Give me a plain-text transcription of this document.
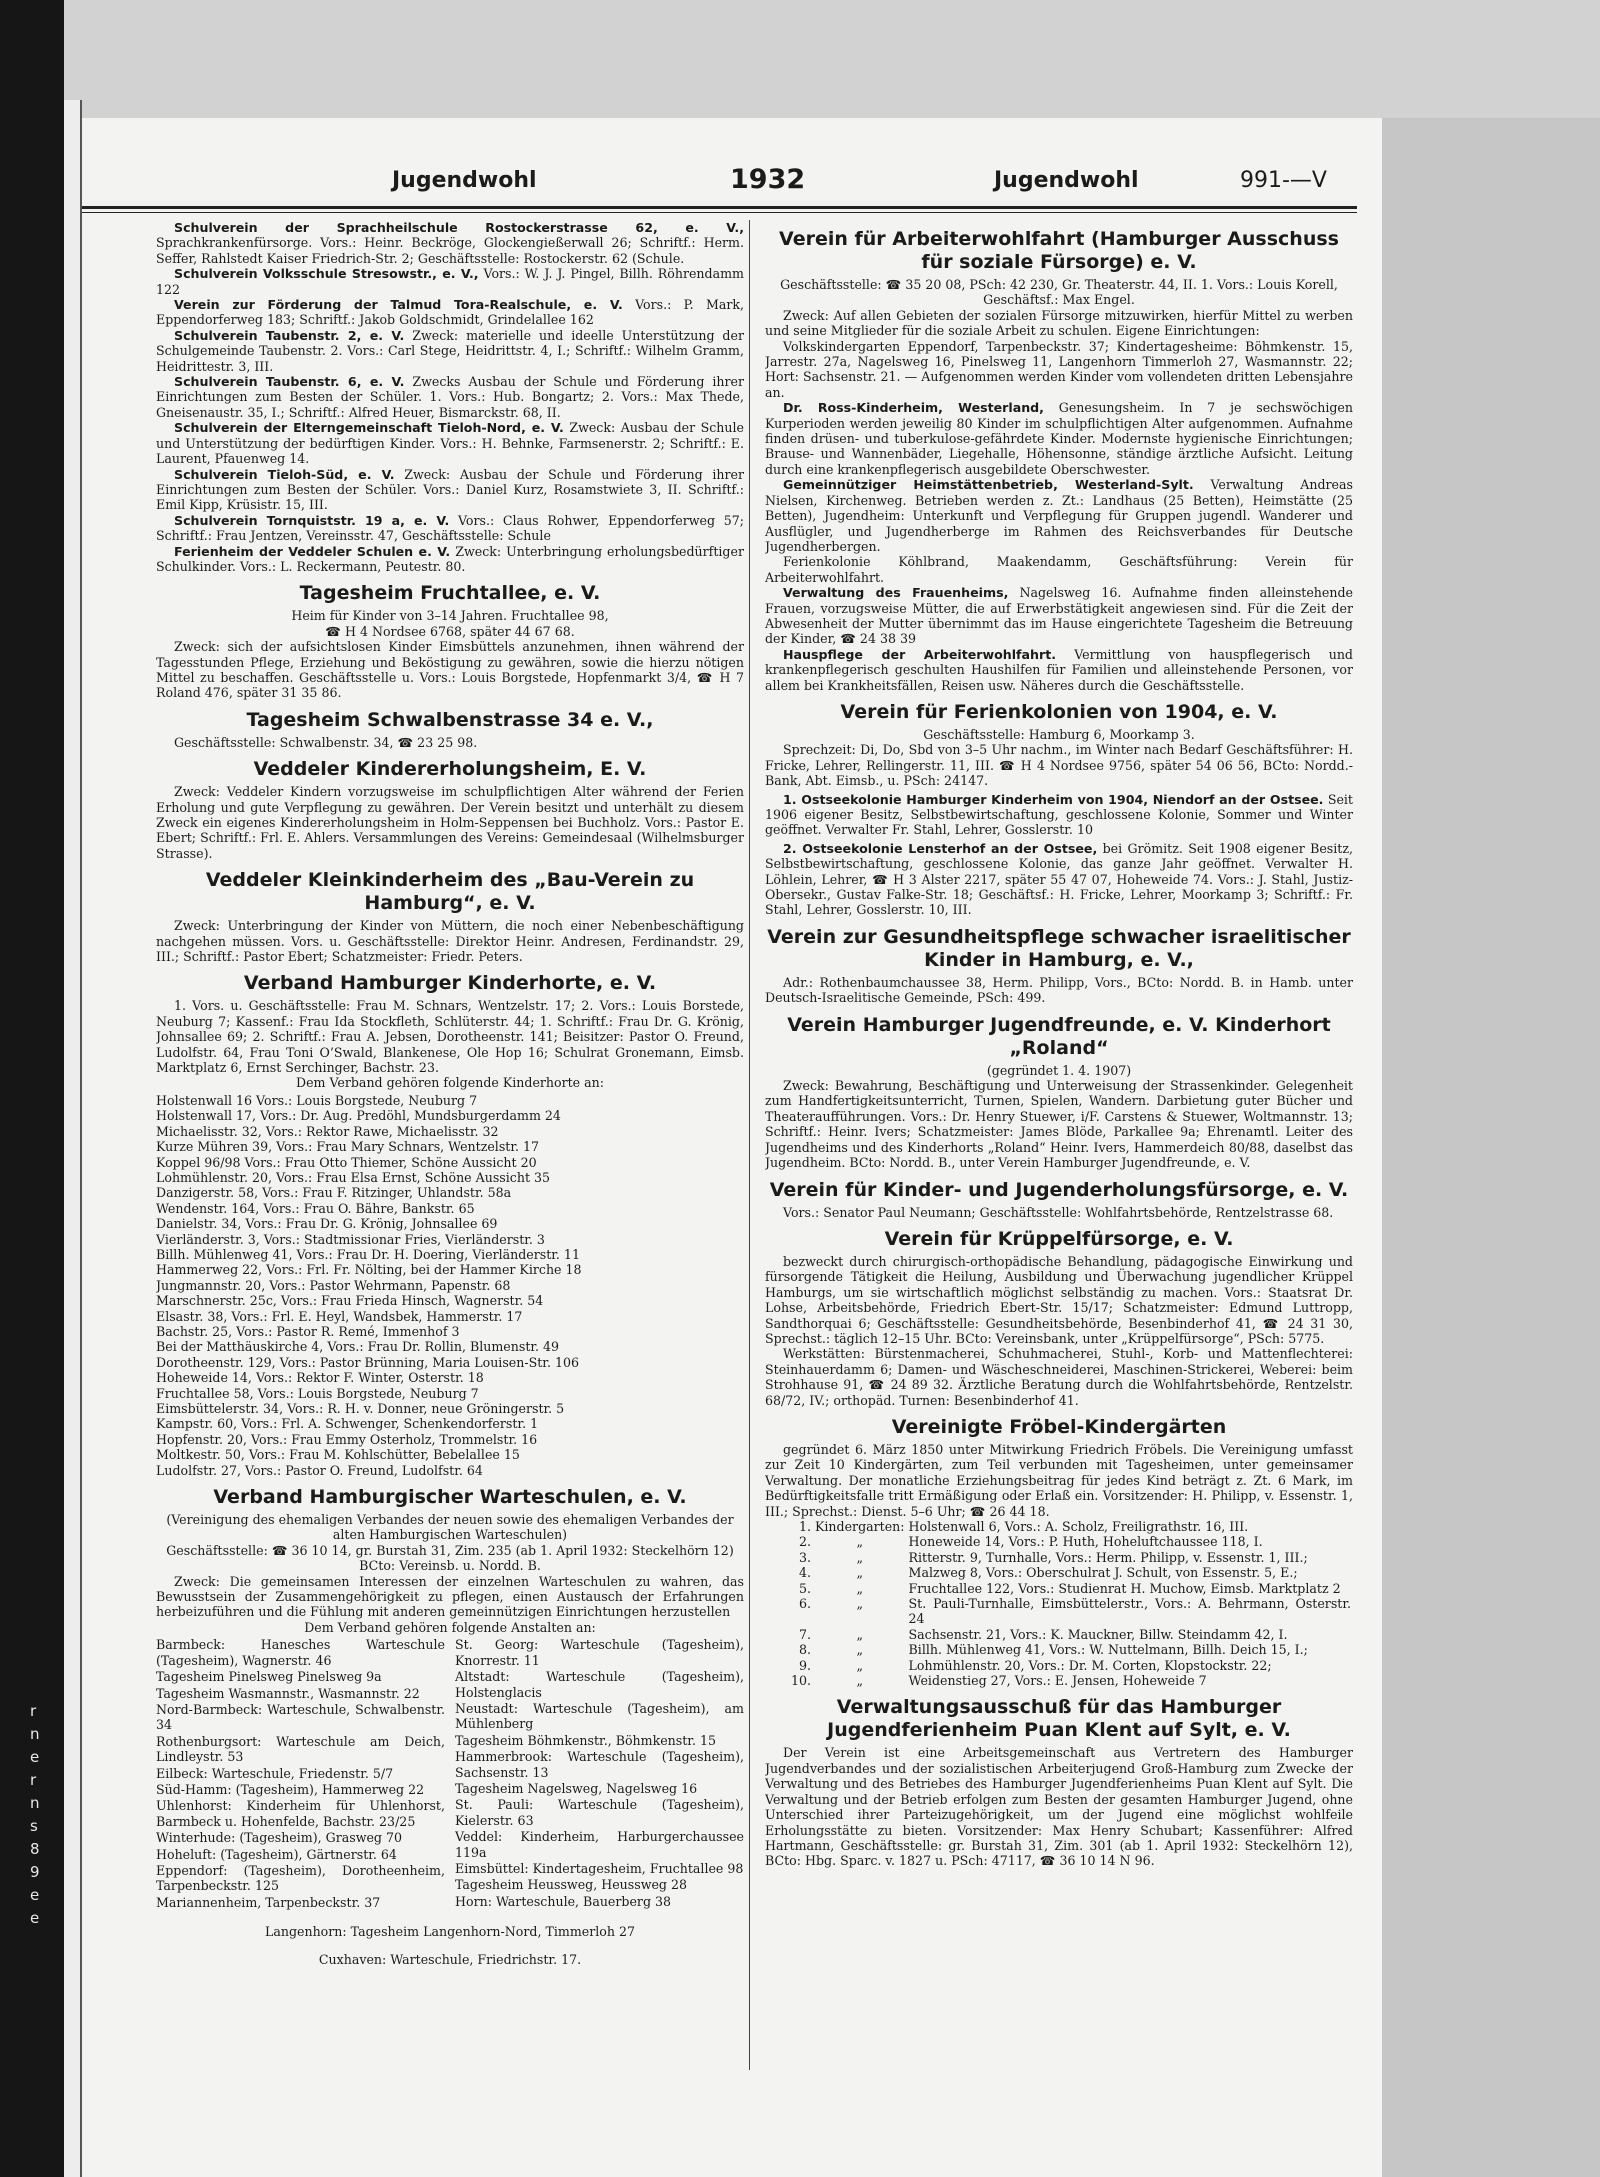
r
n
e
r
n
s
8
9
e
e
Jugendwohl	1932	Jugendwohl	991-—V

Schulverein der Sprachheilschule Rostockerstrasse 62, e. V., Sprachkrankenfürsorge. Vors.: Heinr. Beckröge, Glockengießerwall 26; Schriftf.: Herm. Seffer, Rahlstedt Kaiser Friedrich-Str. 2; Geschäftsstelle: Rostockerstr. 62 (Schule.

Schulverein Volksschule Stresowstr., e. V., Vors.: W. J. J. Pingel, Billh. Röhrendamm 122

Verein zur Förderung der Talmud Tora-Realschule, e. V. Vors.: P. Mark, Eppendorferweg 183; Schriftf.: Jakob Goldschmidt, Grindelallee 162

Schulverein Taubenstr. 2, e. V. Zweck: materielle und ideelle Unterstützung der Schulgemeinde Taubenstr. 2. Vors.: Carl Stege, Heidrittstr. 4, I.; Schriftf.: Wilhelm Gramm, Heidrittestr. 3, III.

Schulverein Taubenstr. 6, e. V. Zwecks Ausbau der Schule und Förderung ihrer Einrichtungen zum Besten der Schüler. 1. Vors.: Hub. Bongartz; 2. Vors.: Max Thede, Gneisenaustr. 35, I.; Schriftf.: Alfred Heuer, Bismarckstr. 68, II.

Schulverein der Elterngemeinschaft Tieloh-Nord, e. V. Zweck: Ausbau der Schule und Unterstützung der bedürftigen Kinder. Vors.: H. Behnke, Farmsenerstr. 2; Schriftf.: E. Laurent, Pfauenweg 14.

Schulverein Tieloh-Süd, e. V. Zweck: Ausbau der Schule und Förderung ihrer Einrichtungen zum Besten der Schüler. Vors.: Daniel Kurz, Rosamstwiete 3, II. Schriftf.: Emil Kipp, Krüsistr. 15, III.

Schulverein Tornquiststr. 19 a, e. V. Vors.: Claus Rohwer, Eppendorferweg 57; Schriftf.: Frau Jentzen, Vereinsstr. 47, Geschäftsstelle: Schule

Ferienheim der Veddeler Schulen e. V. Zweck: Unterbringung erholungsbedürftiger Schulkinder. Vors.: L. Reckermann, Peutestr. 80.

Tagesheim Fruchtallee, e. V.

Heim für Kinder von 3–14 Jahren. Fruchtallee 98,

☎ H 4 Nordsee 6768, später 44 67 68.

Zweck: sich der aufsichtslosen Kinder Eimsbüttels anzunehmen, ihnen während der Tagesstunden Pflege, Erziehung und Beköstigung zu gewähren, sowie die hierzu nötigen Mittel zu beschaffen. Geschäftsstelle u. Vors.: Louis Borgstede, Hopfenmarkt 3/4, ☎ H 7 Roland 476, später 31 35 86.

Tagesheim Schwalbenstrasse 34 e. V.,

Geschäftsstelle: Schwalbenstr. 34, ☎ 23 25 98.

Veddeler Kindererholungsheim, E. V.

Zweck: Veddeler Kindern vorzugsweise im schulpflichtigen Alter während der Ferien Erholung und gute Verpflegung zu gewähren. Der Verein besitzt und unterhält zu diesem Zweck ein eigenes Kindererholungsheim in Holm-Seppensen bei Buchholz. Vors.: Pastor E. Ebert; Schriftf.: Frl. E. Ahlers. Versammlungen des Vereins: Gemeindesaal (Wilhelmsburger Strasse).

Veddeler Kleinkinderheim des „Bau-Verein zu Hamburg“, e. V.

Zweck: Unterbringung der Kinder von Müttern, die noch einer Nebenbeschäftigung nachgehen müssen. Vors. u. Geschäftsstelle: Direktor Heinr. Andresen, Ferdinandstr. 29, III.; Schriftf.: Pastor Ebert; Schatzmeister: Friedr. Peters.

Verband Hamburger Kinderhorte, e. V.

1. Vors. u. Geschäftsstelle: Frau M. Schnars, Wentzelstr. 17; 2. Vors.: Louis Borstede, Neuburg 7; Kassenf.: Frau Ida Stockfleth, Schlüterstr. 44; 1. Schriftf.: Frau Dr. G. Krönig, Johnsallee 69; 2. Schriftf.: Frau A. Jebsen, Dorotheenstr. 141; Beisitzer: Pastor O. Freund, Ludolfstr. 64, Frau Toni O’Swald, Blankenese, Ole Hop 16; Schulrat Gronemann, Eimsb. Marktplatz 6, Ernst Serchinger, Bachstr. 23.

Dem Verband gehören folgende Kinderhorte an:

Holstenwall 16 Vors.: Louis Borgstede, Neuburg 7
Holstenwall 17, Vors.: Dr. Aug. Predöhl, Mundsburgerdamm 24
Michaelisstr. 32, Vors.: Rektor Rawe, Michaelisstr. 32
Kurze Mühren 39, Vors.: Frau Mary Schnars, Wentzelstr. 17
Koppel 96/98 Vors.: Frau Otto Thiemer, Schöne Aussicht 20
Lohmühlenstr. 20, Vors.: Frau Elsa Ernst, Schöne Aussicht 35
Danzigerstr. 58, Vors.: Frau F. Ritzinger, Uhlandstr. 58a
Wendenstr. 164, Vors.: Frau O. Bähre, Bankstr. 65
Danielstr. 34, Vors.: Frau Dr. G. Krönig, Johnsallee 69
Vierländerstr. 3, Vors.: Stadtmissionar Fries, Vierländerstr. 3
Billh. Mühlenweg 41, Vors.: Frau Dr. H. Doering, Vierländerstr. 11
Hammerweg 22, Vors.: Frl. Fr. Nölting, bei der Hammer Kirche 18
Jungmannstr. 20, Vors.: Pastor Wehrmann, Papenstr. 68
Marschnerstr. 25c, Vors.: Frau Frieda Hinsch, Wagnerstr. 54
Elsastr. 38, Vors.: Frl. E. Heyl, Wandsbek, Hammerstr. 17
Bachstr. 25, Vors.: Pastor R. Remé, Immenhof 3
Bei der Matthäuskirche 4, Vors.: Frau Dr. Rollin, Blumenstr. 49
Dorotheenstr. 129, Vors.: Pastor Brünning, Maria Louisen-Str. 106
Hoheweide 14, Vors.: Rektor F. Winter, Osterstr. 18
Fruchtallee 58, Vors.: Louis Borgstede, Neuburg 7
Eimsbüttelerstr. 34, Vors.: R. H. v. Donner, neue Gröningerstr. 5
Kampstr. 60, Vors.: Frl. A. Schwenger, Schenkendorferstr. 1
Hopfenstr. 20, Vors.: Frau Emmy Osterholz, Trommelstr. 16
Moltkestr. 50, Vors.: Frau M. Kohlschütter, Bebelallee 15
Ludolfstr. 27, Vors.: Pastor O. Freund, Ludolfstr. 64
Verband Hamburgischer Warteschulen, e. V.

(Vereinigung des ehemaligen Verbandes der neuen sowie des ehemaligen Verbandes der alten Hamburgischen Warteschulen)

Geschäftsstelle: ☎ 36 10 14, gr. Burstah 31, Zim. 235 (ab 1. April 1932: Steckelhörn 12) BCto: Vereinsb. u. Nordd. B.

Zweck: Die gemeinsamen Interessen der einzelnen Warteschulen zu wahren, das Bewusstsein der Zusammengehörigkeit zu pflegen, einen Austausch der Erfahrungen herbeizuführen und die Fühlung mit anderen gemeinnützigen Einrichtungen herzustellen

Dem Verband gehören folgende Anstalten an:

Barmbeck: Hanesches Warteschule (Tagesheim), Wagnerstr. 46

Tagesheim Pinelsweg Pinelsweg 9a

Tagesheim Wasmannstr., Wasmannstr. 22

Nord-Barmbeck: Warteschule, Schwalbenstr. 34

Rothenburgsort: Warteschule am Deich, Lindleystr. 53

Eilbeck: Warteschule, Friedenstr. 5/7

Süd-Hamm: (Tagesheim), Hammerweg 22

Uhlenhorst: Kinderheim für Uhlenhorst, Barmbeck u. Hohenfelde, Bachstr. 23/25

Winterhude: (Tagesheim), Grasweg 70

Hoheluft: (Tagesheim), Gärtnerstr. 64

Eppendorf: (Tagesheim), Dorotheenheim, Tarpenbeckstr. 125

Mariannenheim, Tarpenbeckstr. 37

St. Georg: Warteschule (Tagesheim), Knorrestr. 11

Altstadt: Warteschule (Tagesheim), Holstenglacis

Neustadt: Warteschule (Tagesheim), am Mühlenberg

Tagesheim Böhmkenstr., Böhmkenstr. 15

Hammerbrook: Warteschule (Tagesheim), Sachsenstr. 13

Tagesheim Nagelsweg, Nagelsweg 16

St. Pauli: Warteschule (Tagesheim), Kielerstr. 63

Veddel: Kinderheim, Harburgerchaussee 119a

Eimsbüttel: Kindertagesheim, Fruchtallee 98

Tagesheim Heussweg, Heussweg 28

Horn: Warteschule, Bauerberg 38

Langenhorn: Tagesheim Langenhorn-Nord, Timmerloh 27

Cuxhaven: Warteschule, Friedrichstr. 17.

Verein für Arbeiterwohlfahrt (Hamburger Ausschuss für soziale Fürsorge) e. V.

Geschäftsstelle: ☎ 35 20 08, PSch: 42 230, Gr. Theaterstr. 44, II. 1. Vors.: Louis Korell, Geschäftsf.: Max Engel.

Zweck: Auf allen Gebieten der sozialen Fürsorge mitzuwirken, hierfür Mittel zu werben und seine Mitglieder für die soziale Arbeit zu schulen. Eigene Einrichtungen:

Volkskindergarten Eppendorf, Tarpenbeckstr. 37; Kindertagesheime: Böhmkenstr. 15, Jarrestr. 27a, Nagelsweg 16, Pinelsweg 11, Langenhorn Timmerloh 27, Wasmannstr. 22; Hort: Sachsenstr. 21. — Aufgenommen werden Kinder vom vollendeten dritten Lebensjahre an.

Dr. Ross-Kinderheim, Westerland, Genesungsheim. In 7 je sechswöchigen Kurperioden werden jeweilig 80 Kinder im schulpflichtigen Alter aufgenommen. Aufnahme finden drüsen- und tuberkulose-gefährdete Kinder. Modernste hygienische Einrichtungen; Brause- und Wannenbäder, Liegehalle, Höhensonne, ständige ärztliche Aufsicht. Leitung durch eine krankenpflegerisch ausgebildete Oberschwester.

Gemeinnütziger Heimstättenbetrieb, Westerland-Sylt. Verwaltung Andreas Nielsen, Kirchenweg. Betrieben werden z. Zt.: Landhaus (25 Betten), Heimstätte (25 Betten), Jugendheim: Unterkunft und Verpflegung für Gruppen jugendl. Wanderer und Ausflügler, und Jugendherberge im Rahmen des Reichsverbandes für Deutsche Jugendherbergen.

Ferienkolonie Köhlbrand, Maakendamm, Geschäftsführung: Verein für Arbeiterwohlfahrt.

Verwaltung des Frauenheims, Nagelsweg 16. Aufnahme finden alleinstehende Frauen, vorzugsweise Mütter, die auf Erwerbstätigkeit angewiesen sind. Für die Zeit der Abwesenheit der Mutter übernimmt das im Hause eingerichtete Tagesheim die Betreuung der Kinder, ☎ 24 38 39

Hauspflege der Arbeiterwohlfahrt. Vermittlung von hauspflegerisch und krankenpflegerisch geschulten Haushilfen für Familien und alleinstehende Personen, vor allem bei Krankheitsfällen, Reisen usw. Näheres durch die Geschäftsstelle.

Verein für Ferienkolonien von 1904, e. V.

Geschäftsstelle: Hamburg 6, Moorkamp 3.

Sprechzeit: Di, Do, Sbd von 3–5 Uhr nachm., im Winter nach Bedarf Geschäftsführer: H. Fricke, Lehrer, Rellingerstr. 11, III. ☎ H 4 Nordsee 9756, später 54 06 56, BCto: Nordd.-Bank, Abt. Eimsb., u. PSch: 24147.

1. Ostseekolonie Hamburger Kinderheim von 1904, Niendorf an der Ostsee. Seit 1906 eigener Besitz, Selbstbewirtschaftung, geschlossene Kolonie, Sommer und Winter geöffnet. Verwalter Fr. Stahl, Lehrer, Gosslerstr. 10

2. Ostseekolonie Lensterhof an der Ostsee, bei Grömitz. Seit 1908 eigener Besitz, Selbstbewirtschaftung, geschlossene Kolonie, das ganze Jahr geöffnet. Verwalter H. Löhlein, Lehrer, ☎ H 3 Alster 2217, später 55 47 07, Hoheweide 74. Vors.: J. Stahl, Justiz-Obersekr., Gustav Falke-Str. 18; Geschäftsf.: H. Fricke, Lehrer, Moorkamp 3; Schriftf.: Fr. Stahl, Lehrer, Gosslerstr. 10, III.

Verein zur Gesundheitspflege schwacher israelitischer Kinder in Hamburg, e. V.,

Adr.: Rothenbaumchaussee 38, Herm. Philipp, Vors., BCto: Nordd. B. in Hamb. unter Deutsch-Israelitische Gemeinde, PSch: 499.

Verein Hamburger Jugendfreunde, e. V. Kinderhort „Roland“

(gegründet 1. 4. 1907)

Zweck: Bewahrung, Beschäftigung und Unterweisung der Strassenkinder. Gelegenheit zum Handfertigkeitsunterricht, Turnen, Spielen, Wandern. Darbietung guter Bücher und Theateraufführungen. Vors.: Dr. Henry Stuewer, i/F. Carstens & Stuewer, Woltmannstr. 13; Schriftf.: Heinr. Ivers; Schatzmeister: James Blöde, Parkallee 9a; Ehrenamtl. Leiter des Jugendheims und des Kinderhorts „Roland“ Heinr. Ivers, Hammerdeich 80/88, daselbst das Jugendheim. BCto: Nordd. B., unter Verein Hamburger Jugendfreunde, e. V.

Verein für Kinder- und Jugenderholungsfürsorge, e. V.

Vors.: Senator Paul Neumann; Geschäftsstelle: Wohlfahrtsbehörde, Rentzelstrasse 68.

Verein für Krüppelfürsorge, e. V.

bezweckt durch chirurgisch-orthopädische Behandlung, pädagogische Einwirkung und fürsorgende Tätigkeit die Heilung, Ausbildung und Überwachung jugendlicher Krüppel Hamburgs, um sie wirtschaftlich möglichst selbständig zu machen. Vors.: Staatsrat Dr. Lohse, Arbeitsbehörde, Friedrich Ebert-Str. 15/17; Schatzmeister: Edmund Luttropp, Sandthorquai 6; Geschäftsstelle: Gesundheitsbehörde, Besenbinderhof 41, ☎ 24 31 30, Sprechst.: täglich 12–15 Uhr. BCto: Vereinsbank, unter „Krüppelfürsorge“, PSch: 5775.

Werkstätten: Bürstenmacherei, Schuhmacherei, Stuhl-, Korb- und Mattenflechterei: Steinhauerdamm 6; Damen- und Wäscheschneiderei, Maschinen-Strickerei, Weberei: beim Strohhause 91, ☎ 24 89 32. Ärztliche Beratung durch die Wohlfahrtsbehörde, Rentzelstr. 68/72, IV.; orthopäd. Turnen: Besenbinderhof 41.

Vereinigte Fröbel-Kindergärten

gegründet 6. März 1850 unter Mitwirkung Friedrich Fröbels. Die Vereinigung umfasst zur Zeit 10 Kindergärten, zum Teil verbunden mit Tagesheimen, unter gemeinsamer Verwaltung. Der monatliche Erziehungsbeitrag für jedes Kind beträgt z. Zt. 6 Mark, im Bedürftigkeitsfalle tritt Ermäßigung oder Erlaß ein. Vorsitzender: H. Philipp, v. Essenstr. 1, III.; Sprechst.: Dienst. 5–6 Uhr; ☎ 26 44 18.

1.	Kindergarten:	Holstenwall 6, Vors.: A. Scholz, Freiligrathstr. 16, III.
2.	„	Honeweide 14, Vors.: P. Huth, Hoheluftchaussee 118, I.
3.	„	Ritterstr. 9, Turnhalle, Vors.: Herm. Philipp, v. Essenstr. 1, III.;
4.	„	Malzweg 8, Vors.: Oberschulrat J. Schult, von Essenstr. 5, E.;
5.	„	Fruchtallee 122, Vors.: Studienrat H. Muchow, Eimsb. Marktplatz 2
6.	„	St. Pauli-Turnhalle, Eimsbüttelerstr., Vors.: A. Behrmann, Osterstr. 24
7.	„	Sachsenstr. 21, Vors.: K. Mauckner, Billw. Steindamm 42, I.
8.	„	Billh. Mühlenweg 41, Vors.: W. Nuttelmann, Billh. Deich 15, I.;
9.	„	Lohmühlenstr. 20, Vors.: Dr. M. Corten, Klopstockstr. 22;
10.	„	Weidenstieg 27, Vors.: E. Jensen, Hoheweide 7
Verwaltungsausschuß für das Hamburger Jugendferienheim Puan Klent auf Sylt, e. V.

Der Verein ist eine Arbeitsgemeinschaft aus Vertretern des Hamburger Jugendverbandes und der sozialistischen Arbeiterjugend Groß-Hamburg zum Zwecke der Verwaltung und des Betriebes des Hamburger Jugendferienheims Puan Klent auf Sylt. Die Verwaltung und der Betrieb erfolgen zum Besten der gesamten Hamburger Jugend, ohne Unterschied ihrer Parteizugehörigkeit, um der Jugend eine möglichst wohlfeile Erholungsstätte zu bieten. Vorsitzender: Max Henry Schubart; Kassenführer: Alfred Hartmann, Geschäftsstelle: gr. Burstah 31, Zim. 301 (ab 1. April 1932: Steckelhörn 12), BCto: Hbg. Sparc. v. 1827 u. PSch: 47117, ☎ 36 10 14 N 96.
